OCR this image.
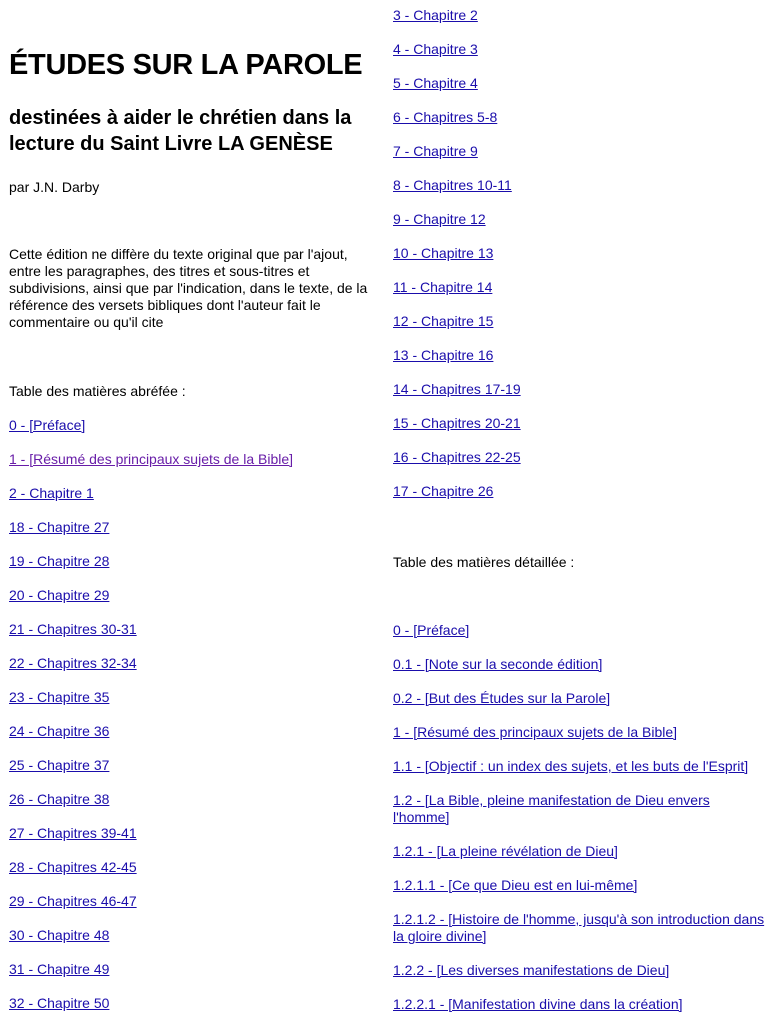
ÉTUDES SUR LA PAROLE
destinées à aider le chrétien dans la lecture du Saint Livre LA GENÈSE
par J.N. Darby
Cette édition ne diffère du texte original que par l'ajout, entre les paragraphes, des titres et sous-titres et subdivisions, ainsi que par l'indication, dans le texte, de la référence des versets bibliques dont l'auteur fait le commentaire ou qu'il cite
Table des matières abréfée :
0 - [Préface]
1 - [Résumé des principaux sujets de la Bible]
2 - Chapitre 1
18 - Chapitre 27
19 - Chapitre 28
20 - Chapitre 29
21 - Chapitres 30-31
22 - Chapitres 32-34
23 - Chapitre 35
24 - Chapitre 36
25 - Chapitre 37
26 - Chapitre 38
27 - Chapitres 39-41
28 - Chapitres 42-45
29 - Chapitres 46-47
30 - Chapitre 48
31 - Chapitre 49
32 - Chapitre 50
3 - Chapitre 2
4 - Chapitre 3
5 - Chapitre 4
6 - Chapitres 5-8
7 - Chapitre 9
8 - Chapitres 10-11
9 - Chapitre 12
10 - Chapitre 13
11 - Chapitre 14
12 - Chapitre 15
13 - Chapitre 16
14 - Chapitres 17-19
15 - Chapitres 20-21
16 - Chapitres 22-25
17 - Chapitre 26
Table des matières détaillée :
0 - [Préface]
0.1 - [Note sur la seconde édition]
0.2 - [But des Études sur la Parole]
1 - [Résumé des principaux sujets de la Bible]
1.1 - [Objectif : un index des sujets, et les buts de l'Esprit]
1.2 - [La Bible, pleine manifestation de Dieu envers l'homme]
1.2.1 - [La pleine révélation de Dieu]
1.2.1.1 - [Ce que Dieu est en lui-même]
1.2.1.2 - [Histoire de l'homme, jusqu'à son introduction dans la gloire divine]
1.2.2 - [Les diverses manifestations de Dieu]
1.2.2.1 - [Manifestation divine dans la création]
